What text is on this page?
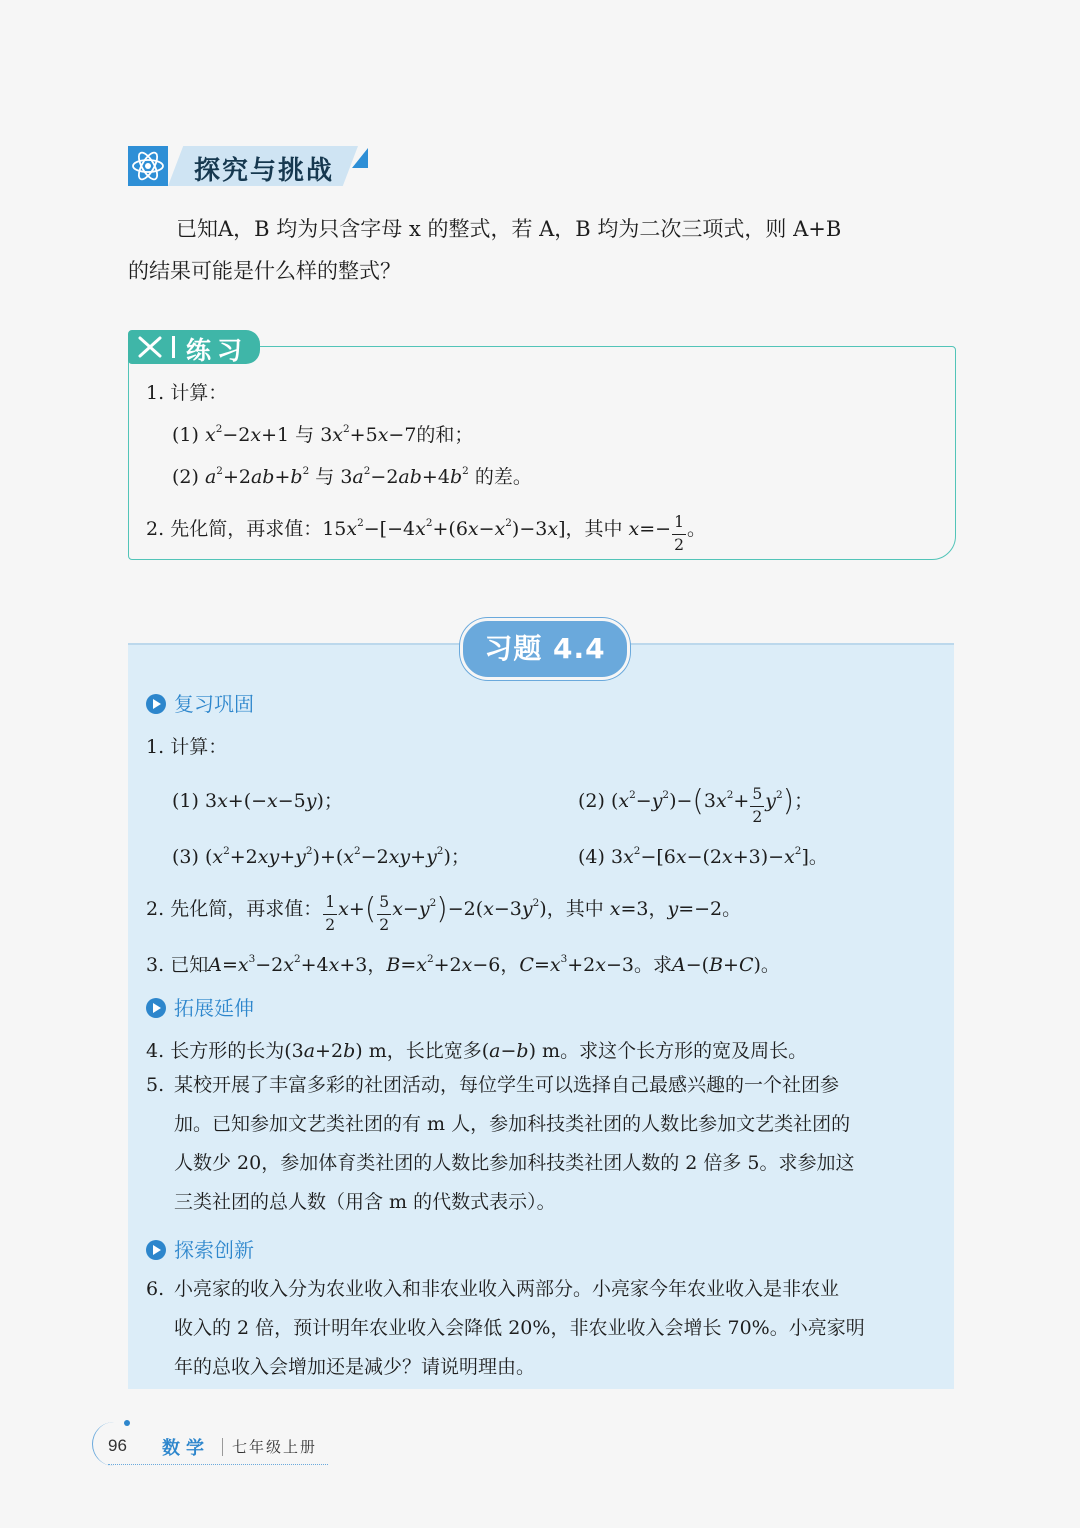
探究与挑战
已知A，B 均为只含字母 x 的整式，若 A，B 均为二次三项式，则 A+B
的结果可能是什么样的整式？
练习
1. 计算：
(1) $x^2-2x+1$ 与 $3x^2+5x-7$的和；
(2) $a^2+2ab+b^2$ 与 $3a^2-2ab+4b^2$ 的差。
2. 先化简，再求值：$15x^2-[-4x^2+(6x-x^2)-3x]$，其中 $x=- \frac{1}{2}$ 。
习题 4.4
复习巩固
1. 计算：
(1) 3x+(−x−5y)；	(2) $(x^2-y^2)-(3x^2+ \frac{5}{2} y^2)$；
(3) $(x^2+2xy+y^2)+(x^2-2xy+y^2)$；	(4) $3x^2-[6x-(2x+3)-x^2]$。
2. 先化简，再求值： $\frac{1}{2} x+( \frac{5}{2} x-y^2)-2(x-3y^2)$，其中 x=3，y=−2。
3. 已知$A=x^3-2x^2+4x+3$，$B=x^2+2x-6$，$C=x^3+2x-3$。求A−(B+C)。
拓展延伸
4. 长方形的长为(3a+2b) m，长比宽多(a−b) m。求这个长方形的宽及周长。
5. 某校开展了丰富多彩的社团活动，每位学生可以选择自己最感兴趣的一个社团参
加。已知参加文艺类社团的有 m 人，参加科技类社团的人数比参加文艺类社团的
人数少 20，参加体育类社团的人数比参加科技类社团人数的 2 倍多 5。求参加这
三类社团的总人数（用含 m 的代数式表示）。
探索创新
6. 小亮家的收入分为农业收入和非农业收入两部分。小亮家今年农业收入是非农业
收入的 2 倍，预计明年农业收入会降低 20%，非农业收入会增长 70%。小亮家明
年的总收入会增加还是减少？请说明理由。
96 数学 七年级上册
